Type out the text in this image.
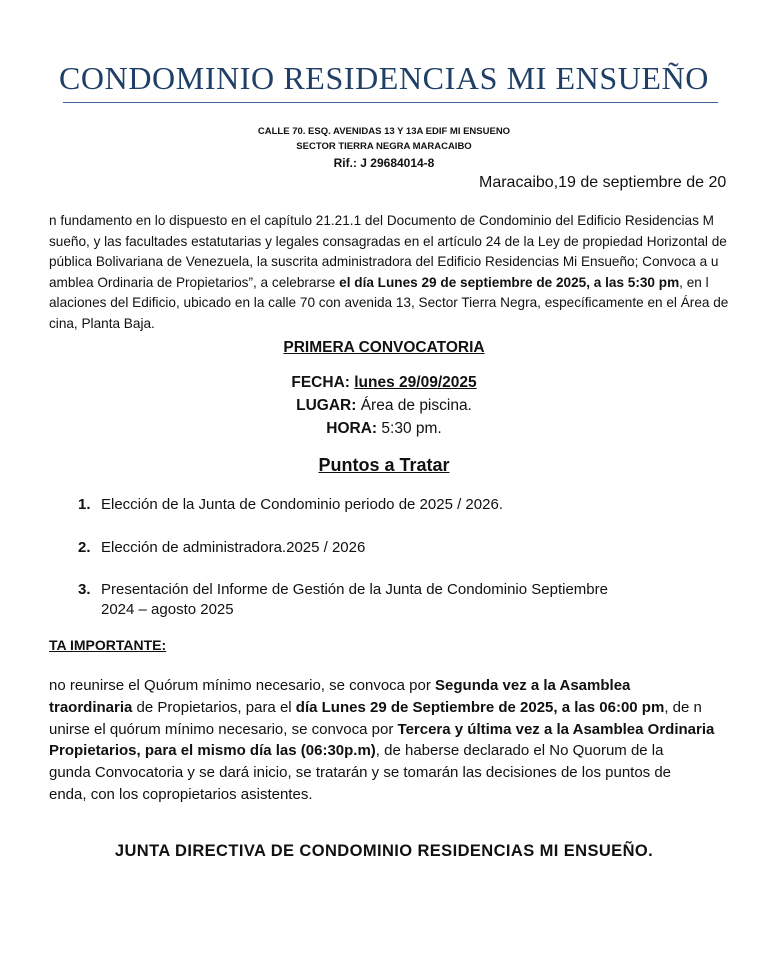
CONDOMINIO RESIDENCIAS MI ENSUEÑO
CALLE 70. ESQ. AVENIDAS 13 Y 13A EDIF MI ENSUENO
SECTOR TIERRA NEGRA MARACAIBO
Rif.: J 29684014-8
Maracaibo,19 de septiembre de 20
n fundamento en lo dispuesto en el capítulo 21.21.1 del Documento de Condominio del Edificio Residencias M
sueño, y las facultades estatutarias y legales consagradas en el artículo 24 de la Ley de propiedad Horizontal de
pública Bolivariana de Venezuela, la suscrita administradora del Edificio Residencias Mi Ensueño; Convoca a u
amblea Ordinaria de Propietarios”, a celebrarse el día Lunes 29 de septiembre de 2025, a las 5:30 pm, en l
alaciones del Edificio, ubicado en la calle 70 con avenida 13, Sector Tierra Negra, específicamente en el Área de
cina, Planta Baja.
PRIMERA CONVOCATORIA
FECHA: lunes 29/09/2025
LUGAR: Área de piscina.
HORA: 5:30 pm.
Puntos a Tratar
1. Elección de la Junta de Condominio periodo de 2025 / 2026.
2. Elección de administradora.2025 / 2026
3. Presentación del Informe de Gestión de la Junta de Condominio Septiembre 2024 – agosto 2025
TA IMPORTANTE:
no reunirse el Quórum mínimo necesario, se convoca por Segunda vez a la Asamblea
traordinaria de Propietarios, para el día Lunes 29 de Septiembre de 2025, a las 06:00 pm, de n
unirse el quórum mínimo necesario, se convoca por Tercera y última vez a la Asamblea Ordinaria
Propietarios, para el mismo día las (06:30p.m), de haberse declarado el No Quorum de la
gunda Convocatoria y se dará inicio, se tratarán y se tomarán las decisiones de los puntos de
enda, con los copropietarios asistentes.
JUNTA DIRECTIVA DE CONDOMINIO RESIDENCIAS MI ENSUEÑO.
